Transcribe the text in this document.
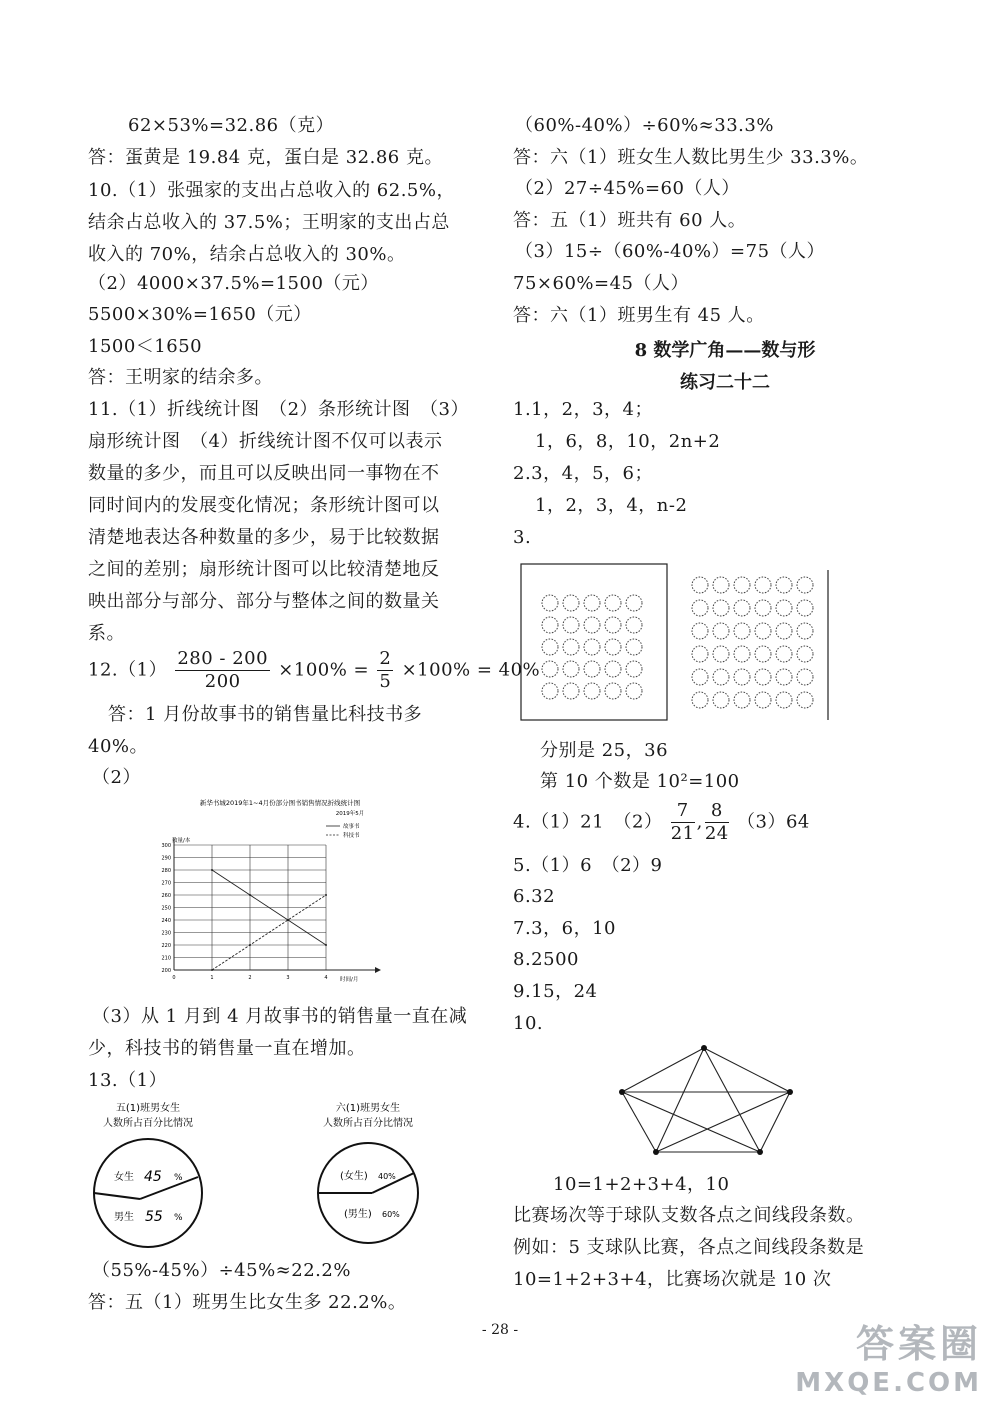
62×53%=32.86（克）
答：蛋黄是 19.84 克，蛋白是 32.86 克。
10.（1）张强家的支出占总收入的 62.5%，
结余占总收入的 37.5%；王明家的支出占总
收入的 70%，结余占总收入的 30%。
（2）4000×37.5%=1500（元）
5500×30%=1650（元）
1500＜1650
答：王明家的结余多。
11.（1）折线统计图　（2）条形统计图　（3）
扇形统计图　（4）折线统计图不仅可以表示
数量的多少，而且可以反映出同一事物在不
同时间内的发展变化情况；条形统计图可以
清楚地表达各种数量的多少，易于比较数据
之间的差别；扇形统计图可以比较清楚地反
映出部分与部分、部分与整体之间的数量关
系。
$12.(1) \frac{280 - 200}{200} \times 100\% = \frac{2}{5} \times 100\% = 40\%$
答：1 月份故事书的销售量比科技书多
40%。
（2）
新华书城2019年1~4月份部分图书销售情况折线统计图
2019年5月
数量/本
故事书
科技书
300
290
280
270
260
250
240
230
220
210
200
0	1	2	3	4 时间/月
（3）从 1 月到 4 月故事书的销售量一直在减
少，科技书的销售量一直在增加。
13.（1）
五(1)班男女生
人数所占百分比情况
女生 45 %
男生 55 %
六(1)班男女生
人数所占百分比情况
(女生) 40%
(男生) 60%
（55%-45%）÷45%≈22.2%
答：五（1）班男生比女生多 22.2%。
（60%-40%）÷60%≈33.3%
答：六（1）班女生人数比男生少 33.3%。
（2）27÷45%=60（人）
答：五（1）班共有 60 人。
（3）15÷（60%-40%）=75（人）
75×60%=45（人）
答：六（1）班男生有 45 人。
8 数学广角——数与形
练习二十二
1.1，2，3，4；
1，6，8，10，2n+2
2.3，4，5，6；
1，2，3，4，n-2
3.
分别是 25，36
第 10 个数是 10²=100
4.（1）21　$(2) \frac{7}{21}$ , $\frac{8}{24} (3)64$
5.（1）6　（2）9
6.32
7.3，6，10
8.2500
9.15，24
10.
10=1+2+3+4，10
比赛场次等于球队支数各点之间线段条数。
例如：5 支球队比赛，各点之间线段条数是
10=1+2+3+4，比赛场次就是 10 次
- 28 -	答案圈
MXQE.COM
